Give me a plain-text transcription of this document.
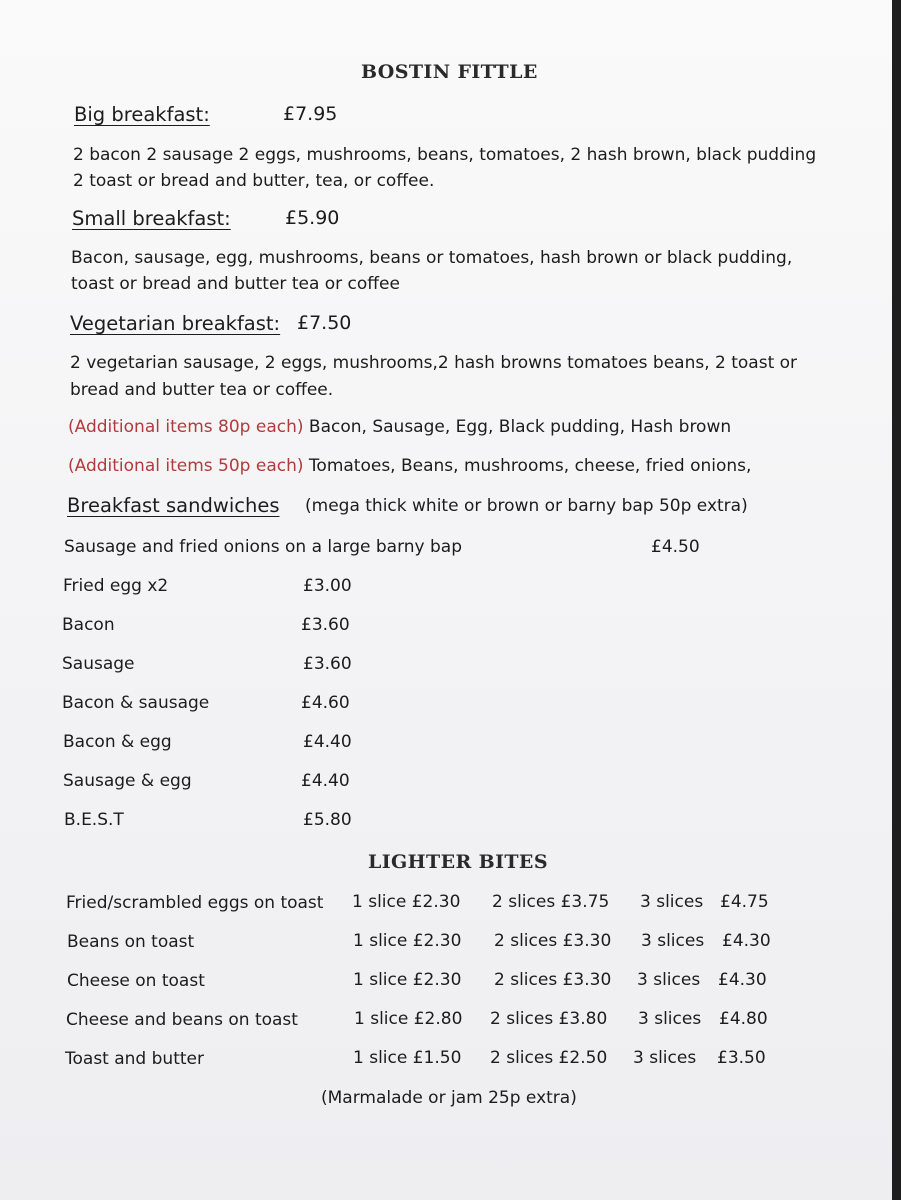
BOSTIN FITTLE
Big breakfast:	£7.95
2 bacon 2 sausage 2 eggs, mushrooms, beans, tomatoes, 2 hash brown, black pudding
2 toast or bread and butter, tea, or coffee.
Small breakfast:	£5.90
Bacon, sausage, egg, mushrooms, beans or tomatoes, hash brown or black pudding,
toast or bread and butter tea or coffee
Vegetarian breakfast: £7.50
2 vegetarian sausage, 2 eggs, mushrooms,2 hash browns tomatoes beans, 2 toast or
bread and butter tea or coffee.
(Additional items 80p each) Bacon, Sausage, Egg, Black pudding, Hash brown
(Additional items 50p each) Tomatoes, Beans, mushrooms, cheese, fried onions,
Breakfast sandwiches (mega thick white or brown or barny bap 50p extra)
Sausage and fried onions on a large barny bap	£4.50
Fried egg x2	£3.00
Bacon	£3.60
Sausage	£3.60
Bacon & sausage	£4.60
Bacon & egg	£4.40
Sausage & egg	£4.40
B.E.S.T	£5.80
LIGHTER BITES
Fried/scrambled eggs on toast 1 slice £2.30 2 slices £3.75 3 slices £4.75
Beans on toast	1 slice £2.30 2 slices £3.30 3 slices £4.30
Cheese on toast	1 slice £2.30 2 slices £3.30 3 slices £4.30
Cheese and beans on toast	1 slice £2.80 2 slices £3.80 3 slices £4.80
Toast and butter	1 slice £1.50 2 slices £2.50 3 slices £3.50
(Marmalade or jam 25p extra)
